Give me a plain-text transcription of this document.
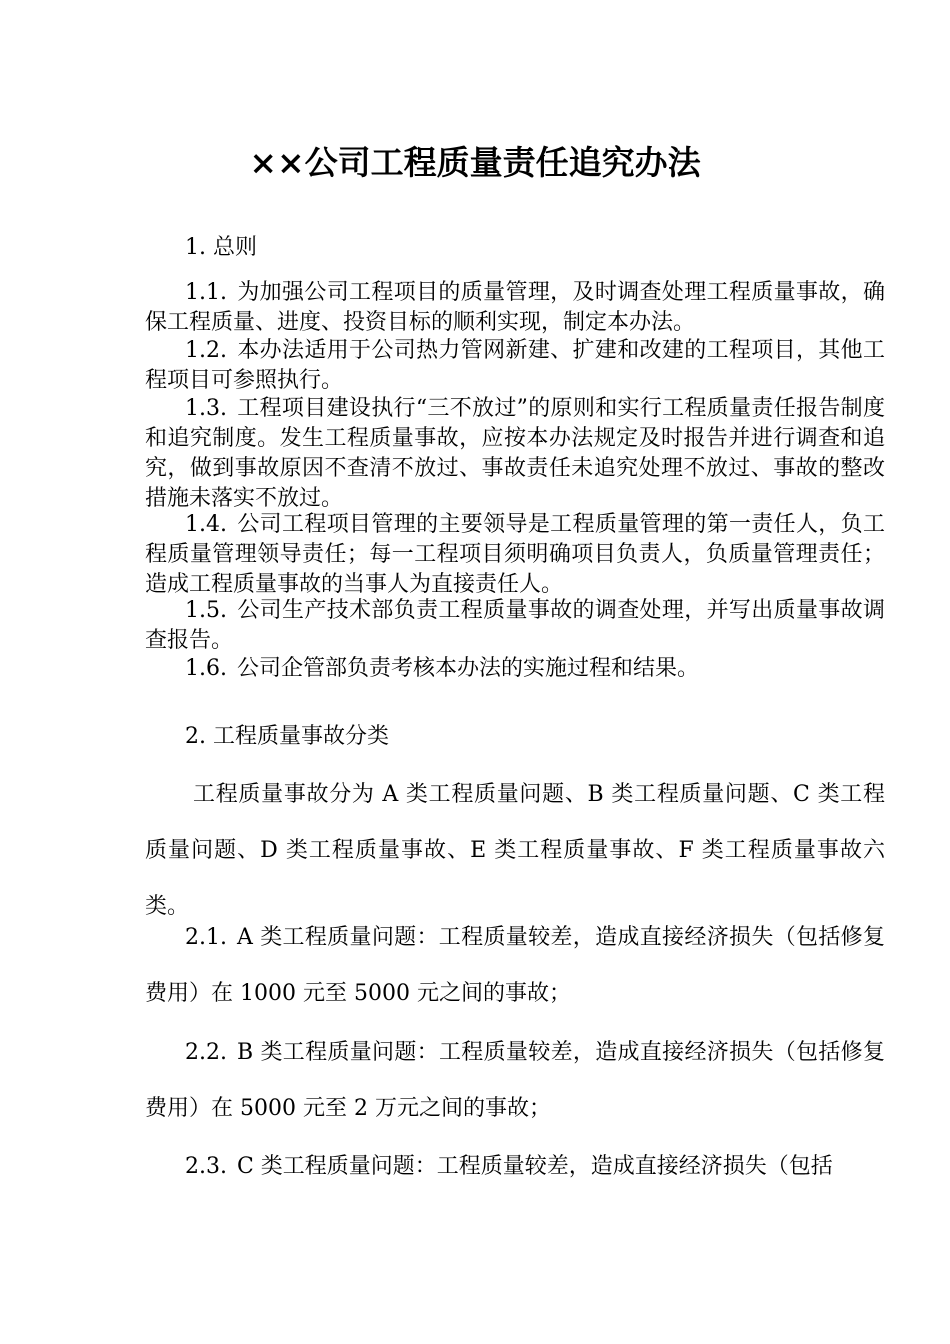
××公司工程质量责任追究办法
1. 总则

1.1. 为加强公司工程项目的质量管理，及时调查处理工程质量事故，确保工程质量、进度、投资目标的顺利实现，制定本办法。

1.2. 本办法适用于公司热力管网新建、扩建和改建的工程项目，其他工程项目可参照执行。

1.3. 工程项目建设执行“三不放过”的原则和实行工程质量责任报告制度和追究制度。发生工程质量事故，应按本办法规定及时报告并进行调查和追究，做到事故原因不查清不放过、事故责任未追究处理不放过、事故的整改措施未落实不放过。

1.4. 公司工程项目管理的主要领导是工程质量管理的第一责任人，负工程质量管理领导责任；每一工程项目须明确项目负责人，负质量管理责任；造成工程质量事故的当事人为直接责任人。

1.5. 公司生产技术部负责工程质量事故的调查处理，并写出质量事故调查报告。

1.6. 公司企管部负责考核本办法的实施过程和结果。

2. 工程质量事故分类

工程质量事故分为 A 类工程质量问题、B 类工程质量问题、C 类工程质量问题、D 类工程质量事故、E 类工程质量事故、F 类工程质量事故六类。

2.1. A 类工程质量问题：工程质量较差，造成直接经济损失（包括修复费用）在 1000 元至 5000 元之间的事故；

2.2. B 类工程质量问题：工程质量较差，造成直接经济损失（包括修复费用）在 5000 元至 2 万元之间的事故；

2.3. C 类工程质量问题：工程质量较差，造成直接经济损失（包括
